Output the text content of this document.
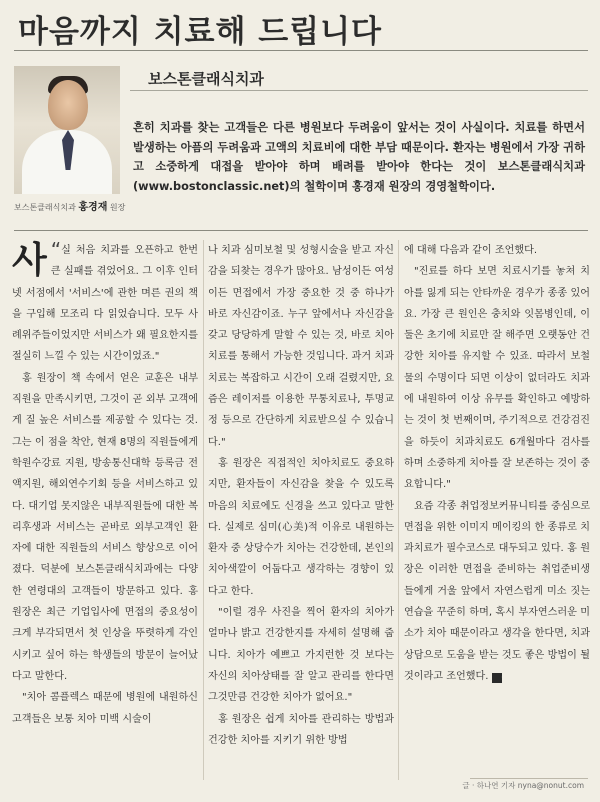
마음까지 치료해 드립니다
보스톤클래식치과 홍경재 원장
보스톤클래식치과
흔히 치과를 찾는 고객들은 다른 병원보다 두려움이 앞서는 것이 사실이다. 치료를 하면서 발생하는 아픔의 두려움과 고액의 치료비에 대한 부담 때문이다. 환자는 병원에서 가장 귀하고 소중하게 대접을 받아야 하며 배려를 받아야 한다는 것이 보스톤클래식치과(www.bostonclassic.net)의 철학이며 홍경재 원장의 경영철학이다.

“
사 실 처음 치과를 오픈하고 한번 큰 실패를 겪었어요. 그 이후 인터넷 서점에서 '서비스'에 관한 며른 권의 책을 구입해 모조리 다 읽었습니다. 모두 사례위주들이었지만 서비스가 왜 필요한지를 절실히 느낄 수 있는 시간이었죠."

홍 원장이 책 속에서 얻은 교훈은 내부 직원을 만족시키면, 그것이 곧 외부 고객에게 질 높은 서비스를 제공할 수 있다는 것. 그는 이 점을 착안, 현재 8명의 직원들에게 학원수강료 지원, 방송통신대학 등록금 전액지원, 해외연수기회 등을 서비스하고 있다. 대기업 못지않은 내부직원들에 대한 복리후생과 서비스는 곧바로 외부고객인 환자에 대한 직원들의 서비스 향상으로 이어졌다. 덕분에 보스톤클래식치과에는 다양한 연령대의 고객들이 방문하고 있다. 홍 원장은 최근 기업입사에 면접의 중요성이 크게 부각되면서 첫 인상을 뚜렷하게 각인시키고 싶어 하는 학생들의 방문이 늘어났다고 말한다.

"치아 콤플렉스 때문에 병원에 내원하신 고객들은 보통 치아 미백 시술이

나 치과 심미보철 및 성형시술을 받고 자신감을 되찾는 경우가 많아요. 남성이든 여성이든 면접에서 가장 중요한 것 중 하나가 바로 자신감이죠. 누구 앞에서나 자신감을 갖고 당당하게 말할 수 있는 것, 바로 치아 치료를 통해서 가능한 것입니다. 과거 치과치료는 복잡하고 시간이 오래 걸렸지만, 요즘은 레이저를 이용한 무통치료나, 투명교정 등으로 간단하게 치료받으실 수 있습니다."

홍 원장은 직접적인 치아치료도 중요하지만, 환자들이 자신감을 찾을 수 있도록 마음의 치료에도 신경을 쓰고 있다고 말한다. 실제로 심미(心美)적 이유로 내원하는 환자 중 상당수가 치아는 건강한데, 본인의 치아색깔이 어둡다고 생각하는 경향이 있다고 한다.

"이럴 경우 사진을 찍어 환자의 치아가 얼마나 밝고 건강한지를 자세히 설명해 줍니다. 치아가 예쁘고 가지런한 것 보다는 자신의 치아상태를 잘 알고 관리를 한다면 그것만큼 건강한 치아가 없어요."

홍 원장은 쉽게 치아를 관리하는 방법과 건강한 치아를 지키기 위한 방법

에 대해 다음과 같이 조언했다.

"진료를 하다 보면 치료시기를 놓쳐 치아를 잃게 되는 안타까운 경우가 종종 있어요. 가장 큰 원인은 충치와 잇몸병인데, 이 둘은 초기에 치료만 잘 해주면 오랫동안 건강한 치아를 유지할 수 있죠. 따라서 보철물의 수명이다 되면 이상이 없더라도 치과에 내원하여 이상 유무를 확인하고 예방하는 것이 첫 번째이며, 주기적으로 건강검진을 하듯이 치과치료도 6개월마다 검사를 하며 소중하게 치아를 잘 보존하는 것이 중요합니다."

요즘 각종 취업정보커뮤니티를 중심으로 면접을 위한 이미지 메이킹의 한 종류로 치과치료가 필수코스로 대두되고 있다. 홍 원장은 이러한 면접을 준비하는 취업준비생들에게 거울 앞에서 자연스럽게 미소 짓는 연습을 꾸준히 하며, 혹시 부자연스러운 미소가 치아 때문이라고 생각을 한다면, 치과상담으로 도움을 받는 것도 좋은 방법이 될 것이라고 조언했다. ⓟ

글 · 하나연 기자 nyna@nonut.com
